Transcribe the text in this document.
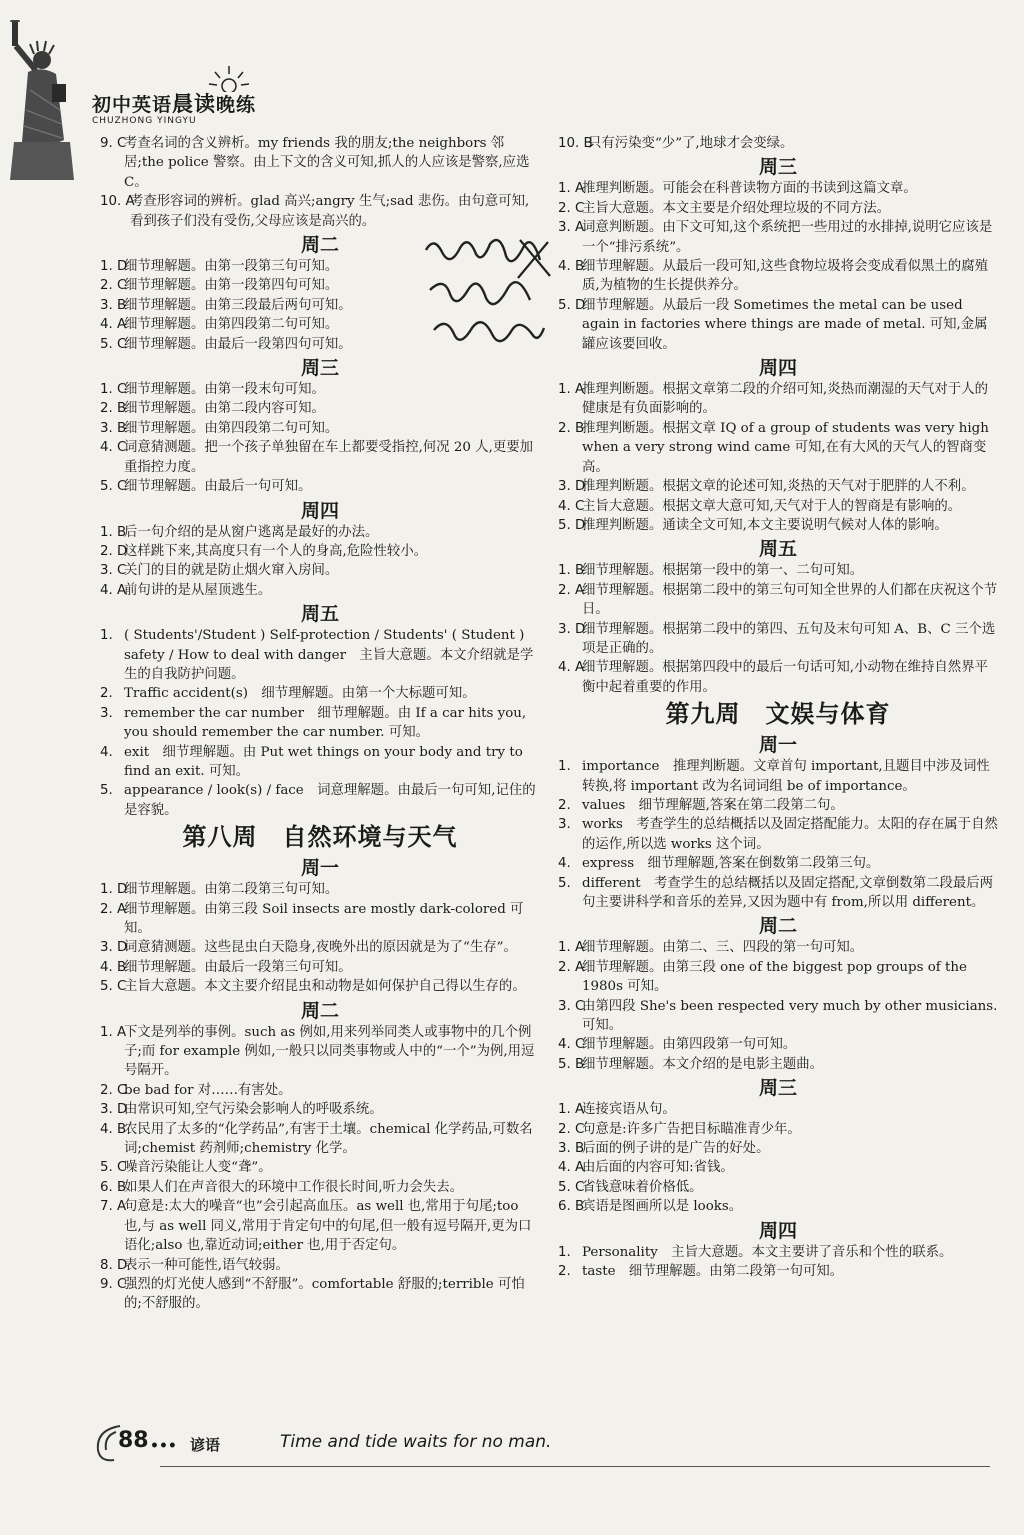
初中英语晨读晚练
CHUZHONG YINGYU
9. C
考查名词的含义辨析。my friends 我的朋友;the neighbors 邻居;the police 警察。由上下文的含义可知,抓人的人应该是警察,应选 C。
10. A
考查形容词的辨析。glad 高兴;angry 生气;sad 悲伤。由句意可知,看到孩子们没有受伤,父母应该是高兴的。
周二
1. D
细节理解题。由第一段第三句可知。
2. C
细节理解题。由第一段第四句可知。
3. B
细节理解题。由第三段最后两句可知。
4. A
细节理解题。由第四段第二句可知。
5. C
细节理解题。由最后一段第四句可知。
周三
1. C
细节理解题。由第一段末句可知。
2. B
细节理解题。由第二段内容可知。
3. B
细节理解题。由第四段第二句可知。
4. C
词意猜测题。把一个孩子单独留在车上都要受指控,何况 20 人,更要加重指控力度。
5. C
细节理解题。由最后一句可知。
周四
1. B
后一句介绍的是从窗户逃离是最好的办法。
2. D
这样跳下来,其高度只有一个人的身高,危险性较小。
3. C
关门的目的就是防止烟火窜入房间。
4. A
前句讲的是从屋顶逃生。
周五
1. ( Students'/Student ) Self-protection / Students' ( Student ) safety / How to deal with danger　主旨大意题。本文介绍就是学生的自我防护问题。
2. Traffic accident(s)　细节理解题。由第一个大标题可知。
3. remember the car number　细节理解题。由 If a car hits you, you should remember the car number. 可知。
4. exit　细节理解题。由 Put wet things on your body and try to find an exit. 可知。
5. appearance / look(s) / face　词意理解题。由最后一句可知,记住的是容貌。
第八周　自然环境与天气
周一
1. D
细节理解题。由第二段第三句可知。
2. A
细节理解题。由第三段 Soil insects are mostly dark-colored 可知。
3. D
词意猜测题。这些昆虫白天隐身,夜晚外出的原因就是为了“生存”。
4. B
细节理解题。由最后一段第三句可知。
5. C
主旨大意题。本文主要介绍昆虫和动物是如何保护自己得以生存的。
周二
1. A
下文是列举的事例。such as 例如,用来列举同类人或事物中的几个例子;而 for example 例如,一般只以同类事物或人中的“一个”为例,用逗号隔开。
2. C
be bad for 对……有害处。
3. D
由常识可知,空气污染会影响人的呼吸系统。
4. B
农民用了太多的“化学药品”,有害于土壤。chemical 化学药品,可数名词;chemist 药剂师;chemistry 化学。
5. C
噪音污染能让人变“聋”。
6. B
如果人们在声音很大的环境中工作很长时间,听力会失去。
7. A
句意是:太大的噪音“也”会引起高血压。as well 也,常用于句尾;too 也,与 as well 同义,常用于肯定句中的句尾,但一般有逗号隔开,更为口语化;also 也,靠近动词;either 也,用于否定句。
8. D
表示一种可能性,语气较弱。
9. C
强烈的灯光使人感到“不舒服”。comfortable 舒服的;terrible 可怕的;不舒服的。
10. B
只有污染变“少”了,地球才会变绿。
周三
1. A
推理判断题。可能会在科普读物方面的书读到这篇文章。
2. C
主旨大意题。本文主要是介绍处理垃圾的不同方法。
3. A
词意判断题。由下文可知,这个系统把一些用过的水排掉,说明它应该是一个“排污系统”。
4. B
细节理解题。从最后一段可知,这些食物垃圾将会变成看似黑土的腐殖质,为植物的生长提供养分。
5. D
细节理解题。从最后一段 Sometimes the metal can be used again in factories where things are made of metal. 可知,金属罐应该要回收。
周四
1. A
推理判断题。根据文章第二段的介绍可知,炎热而潮湿的天气对于人的健康是有负面影响的。
2. B
推理判断题。根据文章 IQ of a group of students was very high when a very strong wind came 可知,在有大风的天气人的智商变高。
3. D
推理判断题。根据文章的论述可知,炎热的天气对于肥胖的人不利。
4. C
主旨大意题。根据文章大意可知,天气对于人的智商是有影响的。
5. D
推理判断题。通读全文可知,本文主要说明气候对人体的影响。
周五
1. B
细节理解题。根据第一段中的第一、二句可知。
2. A
细节理解题。根据第二段中的第三句可知全世界的人们都在庆祝这个节日。
3. D
细节理解题。根据第二段中的第四、五句及末句可知 A、B、C 三个选项是正确的。
4. A
细节理解题。根据第四段中的最后一句话可知,小动物在维持自然界平衡中起着重要的作用。
第九周　文娱与体育
周一
1. importance　推理判断题。文章首句 important,且题目中涉及词性转换,将 important 改为名词词组 be of importance。
2. values　细节理解题,答案在第二段第二句。
3. works　考查学生的总结概括以及固定搭配能力。太阳的存在属于自然的运作,所以选 works 这个词。
4. express　细节理解题,答案在倒数第二段第三句。
5. different　考查学生的总结概括以及固定搭配,文章倒数第二段最后两句主要讲科学和音乐的差异,又因为题中有 from,所以用 different。
周二
1. A
细节理解题。由第二、三、四段的第一句可知。
2. A
细节理解题。由第三段 one of the biggest pop groups of the 1980s 可知。
3. C
由第四段 She's been respected very much by other musicians. 可知。
4. C
细节理解题。由第四段第一句可知。
5. B
细节理解题。本文介绍的是电影主题曲。
周三
1. A
连接宾语从句。
2. C
句意是:许多广告把目标瞄准青少年。
3. B
后面的例子讲的是广告的好处。
4. A
由后面的内容可知:省钱。
5. C
省钱意味着价格低。
6. B
宾语是图画所以是 looks。
周四
1. Personality　主旨大意题。本文主要讲了音乐和个性的联系。
2. taste　细节理解题。由第二段第一句可知。
88 ••• 谚语	Time and tide waits for no man.
